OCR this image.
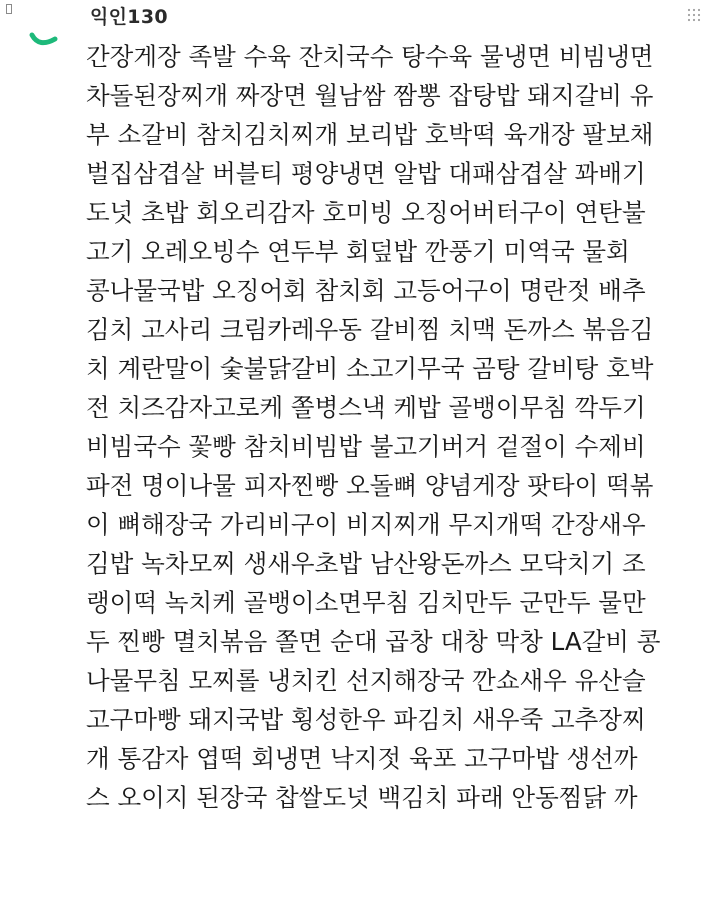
익인130
간장게장 족발 수육 잔치국수 탕수육 물냉면 비빔냉면
차돌된장찌개 짜장면 월남쌈 짬뽕 잡탕밥 돼지갈비 유
부 소갈비 참치김치찌개 보리밥 호박떡 육개장 팔보채
벌집삼겹살 버블티 평양냉면 알밥 대패삼겹살 꽈배기
도넛 초밥 회오리감자 호미빙 오징어버터구이 연탄불
고기 오레오빙수 연두부 회덮밥 깐풍기 미역국 물회
콩나물국밥 오징어회 참치회 고등어구이 명란젓 배추
김치 고사리 크림카레우동 갈비찜 치맥 돈까스 볶음김
치 계란말이 숯불닭갈비 소고기무국 곰탕 갈비탕 호박
전 치즈감자고로케 쫄병스낵 케밥 골뱅이무침 깍두기
비빔국수 꽃빵 참치비빔밥 불고기버거 겉절이 수제비
파전 명이나물 피자찐빵 오돌뼈 양념게장 팟타이 떡볶
이 뼈해장국 가리비구이 비지찌개 무지개떡 간장새우
김밥 녹차모찌 생새우초밥 남산왕돈까스 모닥치기 조
랭이떡 녹치케 골뱅이소면무침 김치만두 군만두 물만
두 찐빵 멸치볶음 쫄면 순대 곱창 대창 막창 LA갈비 콩
나물무침 모찌롤 냉치킨 선지해장국 깐쇼새우 유산슬
고구마빵 돼지국밥 횡성한우 파김치 새우죽 고추장찌
개 통감자 엽떡 회냉면 낙지젓 육포 고구마밥 생선까
스 오이지 된장국 찹쌀도넛 백김치 파래 안동찜닭 까
